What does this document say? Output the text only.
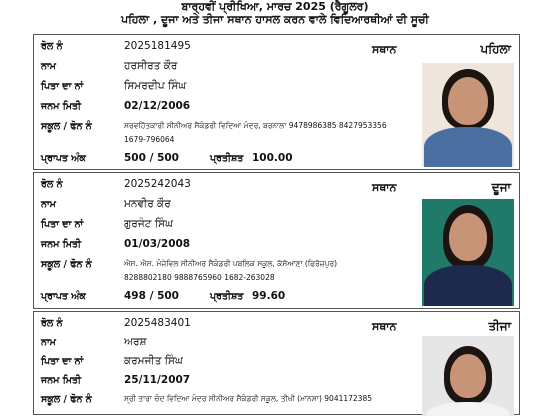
ਬਾਰ੍ਹਵੀਂ ਪ੍ਰੀਖਿਆ, ਮਾਰਚ 2025 (ਰੈਗੂਲਰ)
ਪਹਿਲਾ , ਦੂਜਾ ਅਤੇ ਤੀਜਾ ਸਥਾਨ ਹਾਸਲ ਕਰਨ ਵਾਲੇ ਵਿਦਿਆਰਥੀਆਂ ਦੀ ਸੂਚੀ
ਰੋਲ ਨੰ	2025181495
ਨਾਮ	ਹਰਸੀਰਤ ਕੌਰ
ਪਿਤਾ ਦਾ ਨਾਂ	ਸਿਮਰਦੀਪ ਸਿੰਘ
ਜਨਮ ਮਿਤੀ	02/12/2006
ਸਕੂਲ / ਫੋਨ ਨੰ	ਸਰਵਹਿੱਤਕਾਰੀ ਸੀਨੀਅਰ ਸੈਕੰਡਰੀ ਵਿਦਿਆ ਮੰਦਰ, ਬਰਨਾਲਾ 9478986385 8427953356
1679-796064
ਪ੍ਰਾਪਤ ਅੰਕ	500 / 500	ਪ੍ਰਤੀਸ਼ਤ 100.00
ਸਥਾਨ	ਪਹਿਲਾ
ਰੋਲ ਨੰ	2025242043
ਨਾਮ	ਮਨਵੀਰ ਕੌਰ
ਪਿਤਾ ਦਾ ਨਾਂ	ਗੁਰਜੰਟ ਸਿੰਘ
ਜਨਮ ਮਿਤੀ	01/03/2008
ਸਕੂਲ / ਫੋਨ ਨੰ	ਐਸ. ਐਸ. ਮੰਜੇਵਿਲ ਸੀਨੀਅਰ ਸੈਕੰਡਰੀ ਪਬਲਿਕ ਸਕੂਲ, ਕੱਸੋਆਣਾ (ਫਿਰੋਜ਼ਪੁਰ)
8288802180 9888765960 1682-263028
ਪ੍ਰਾਪਤ ਅੰਕ	498 / 500	ਪ੍ਰਤੀਸ਼ਤ 99.60
ਸਥਾਨ	ਦੂਜਾ
ਰੋਲ ਨੰ	2025483401
ਨਾਮ	ਅਰਸ਼
ਪਿਤਾ ਦਾ ਨਾਂ	ਕਰਮਜੀਤ ਸਿੰਘ
ਜਨਮ ਮਿਤੀ	25/11/2007
ਸਕੂਲ / ਫੋਨ ਨੰ	ਸ੍ਰੀ ਤਾਰਾ ਚੰਦ ਵਿਦਿਆ ਮੰਦਰ ਸੀਨੀਅਰ ਸੈਕੰਡਰੀ ਸਕੂਲ, ਤੀਖੀ (ਮਾਨਸਾ) 9041172385
ਸਥਾਨ	ਤੀਜਾ
